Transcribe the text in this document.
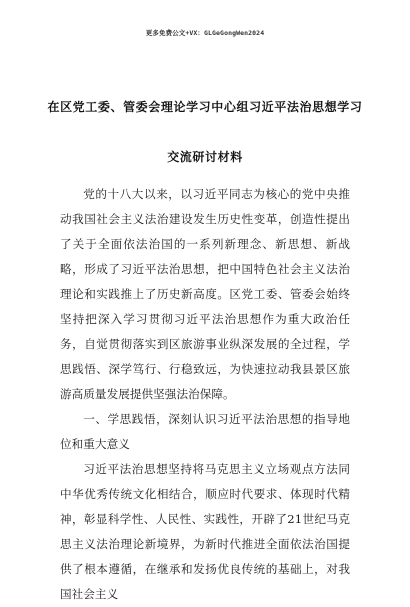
更多免费公文+VX：GLGeGongWen2024
在区党工委、管委会理论学习中心组习近平法治思想学习
交流研讨材料

党的十八大以来，以习近平同志为核心的党中央推动我国社会主义法治建设发生历史性变革，创造性提出了关于全面依法治国的一系列新理念、新思想、新战略，形成了习近平法治思想，把中国特色社会主义法治理论和实践推上了历史新高度。区党工委、管委会始终坚持把深入学习贯彻习近平法治思想作为重大政治任务，自觉贯彻落实到区旅游事业纵深发展的全过程，学思践悟、深学笃行、行稳致远，为快速拉动我县景区旅游高质量发展提供坚强法治保障。

一、学思践悟，深刻认识习近平法治思想的指导地位和重大意义

习近平法治思想坚持将马克思主义立场观点方法同中华优秀传统文化相结合，顺应时代要求、体现时代精神，彰显科学性、人民性、实践性，开辟了21世纪马克思主义法治理论新境界，为新时代推进全面依法治国提供了根本遵循，在继承和发扬优良传统的基础上，对我国社会主义
